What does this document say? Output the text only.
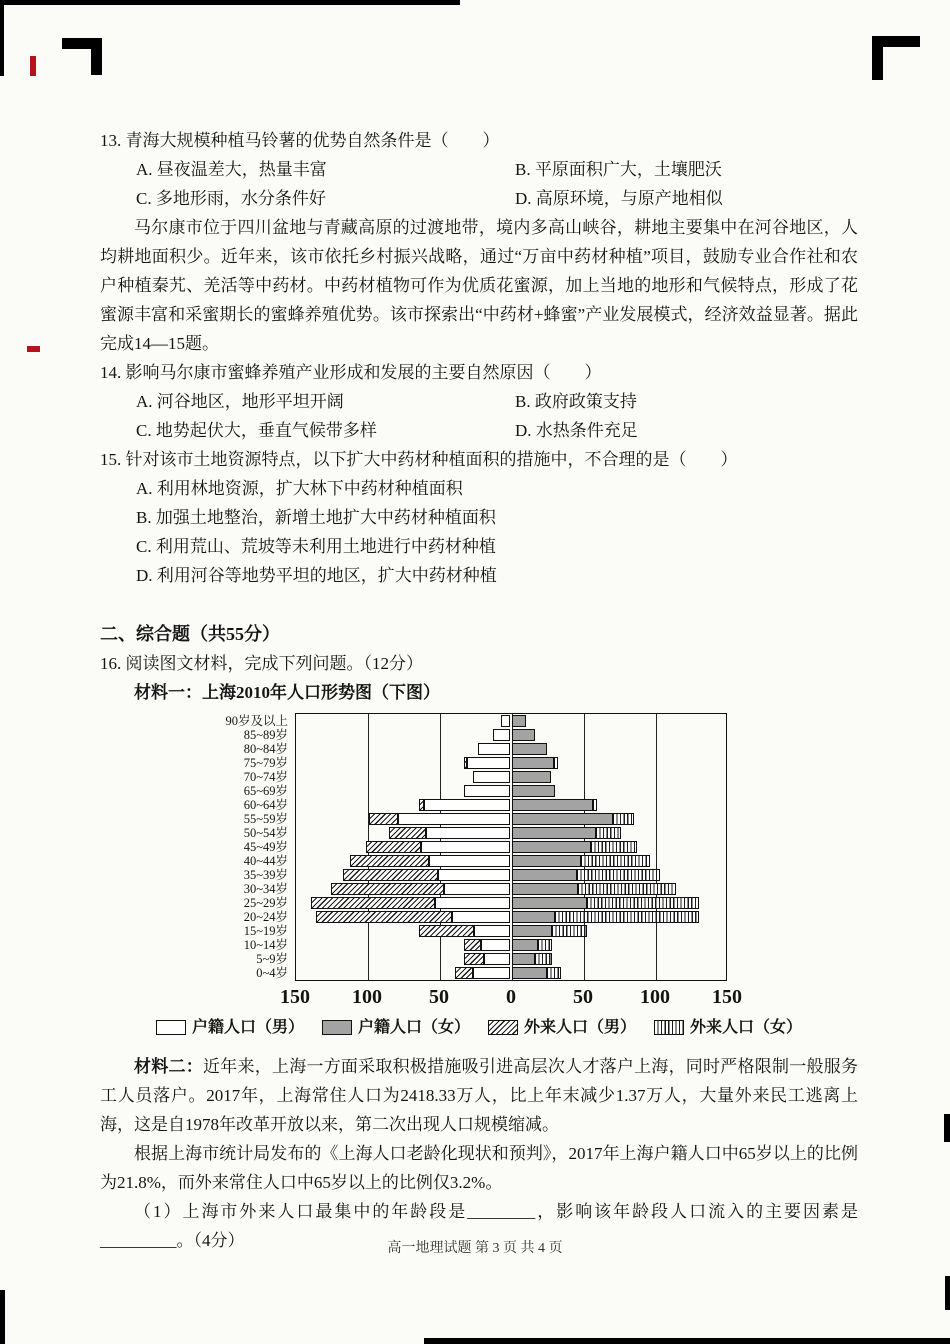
13. 青海大规模种植马铃薯的优势自然条件是（　　）

A. 昼夜温差大，热量丰富	B. 平原面积广大，土壤肥沃
C. 多地形雨，水分条件好	D. 高原环境，与原产地相似

马尔康市位于四川盆地与青藏高原的过渡地带，境内多高山峡谷，耕地主要集中在河谷地区，人均耕地面积少。近年来，该市依托乡村振兴战略，通过“万亩中药材种植”项目，鼓励专业合作社和农户种植秦艽、羌活等中药材。中药材植物可作为优质花蜜源，加上当地的地形和气候特点，形成了花蜜源丰富和采蜜期长的蜜蜂养殖优势。该市探索出“中药材+蜂蜜”产业发展模式，经济效益显著。据此完成14—15题。

14. 影响马尔康市蜜蜂养殖产业形成和发展的主要自然原因（　　）

A. 河谷地区，地形平坦开阔	B. 政府政策支持
C. 地势起伏大，垂直气候带多样	D. 水热条件充足

15. 针对该市土地资源特点，以下扩大中药材种植面积的措施中，不合理的是（　　）

A. 利用林地资源，扩大林下中药材种植面积

B. 加强土地整治，新增土地扩大中药材种植面积

C. 利用荒山、荒坡等未利用土地进行中药材种植

D. 利用河谷等地势平坦的地区，扩大中药材种植

二、综合题（共55分）

16. 阅读图文材料，完成下列问题。（12分）

材料一：上海2010年人口形势图（下图）

90岁及以上
85~89岁
80~84岁
75~79岁
70~74岁
65~69岁
60~64岁
55~59岁
50~54岁
45~49岁
40~44岁
35~39岁
30~34岁
25~29岁
20~24岁
15~19岁
10~14岁
5~9岁
0~4岁
150 100 50	0	50 100 150
户籍人口（男）	户籍人口（女）	外来人口（男）	外来人口（女）

材料二：近年来，上海一方面采取积极措施吸引进高层次人才落户上海，同时严格限制一般服务工人员落户。2017年，上海常住人口为2418.33万人，比上年末减少1.37万人，大量外来民工逃离上海，这是自1978年改革开放以来，第二次出现人口规模缩减。

根据上海市统计局发布的《上海人口老龄化现状和预判》，2017年上海户籍人口中65岁以上的比例为21.8%，而外来常住人口中65岁以上的比例仅3.2%。

（1）上海市外来人口最集中的年龄段是________，影响该年龄段人口流入的主要因素是_________。（4分）	高一地理试题 第 3 页 共 4 页
